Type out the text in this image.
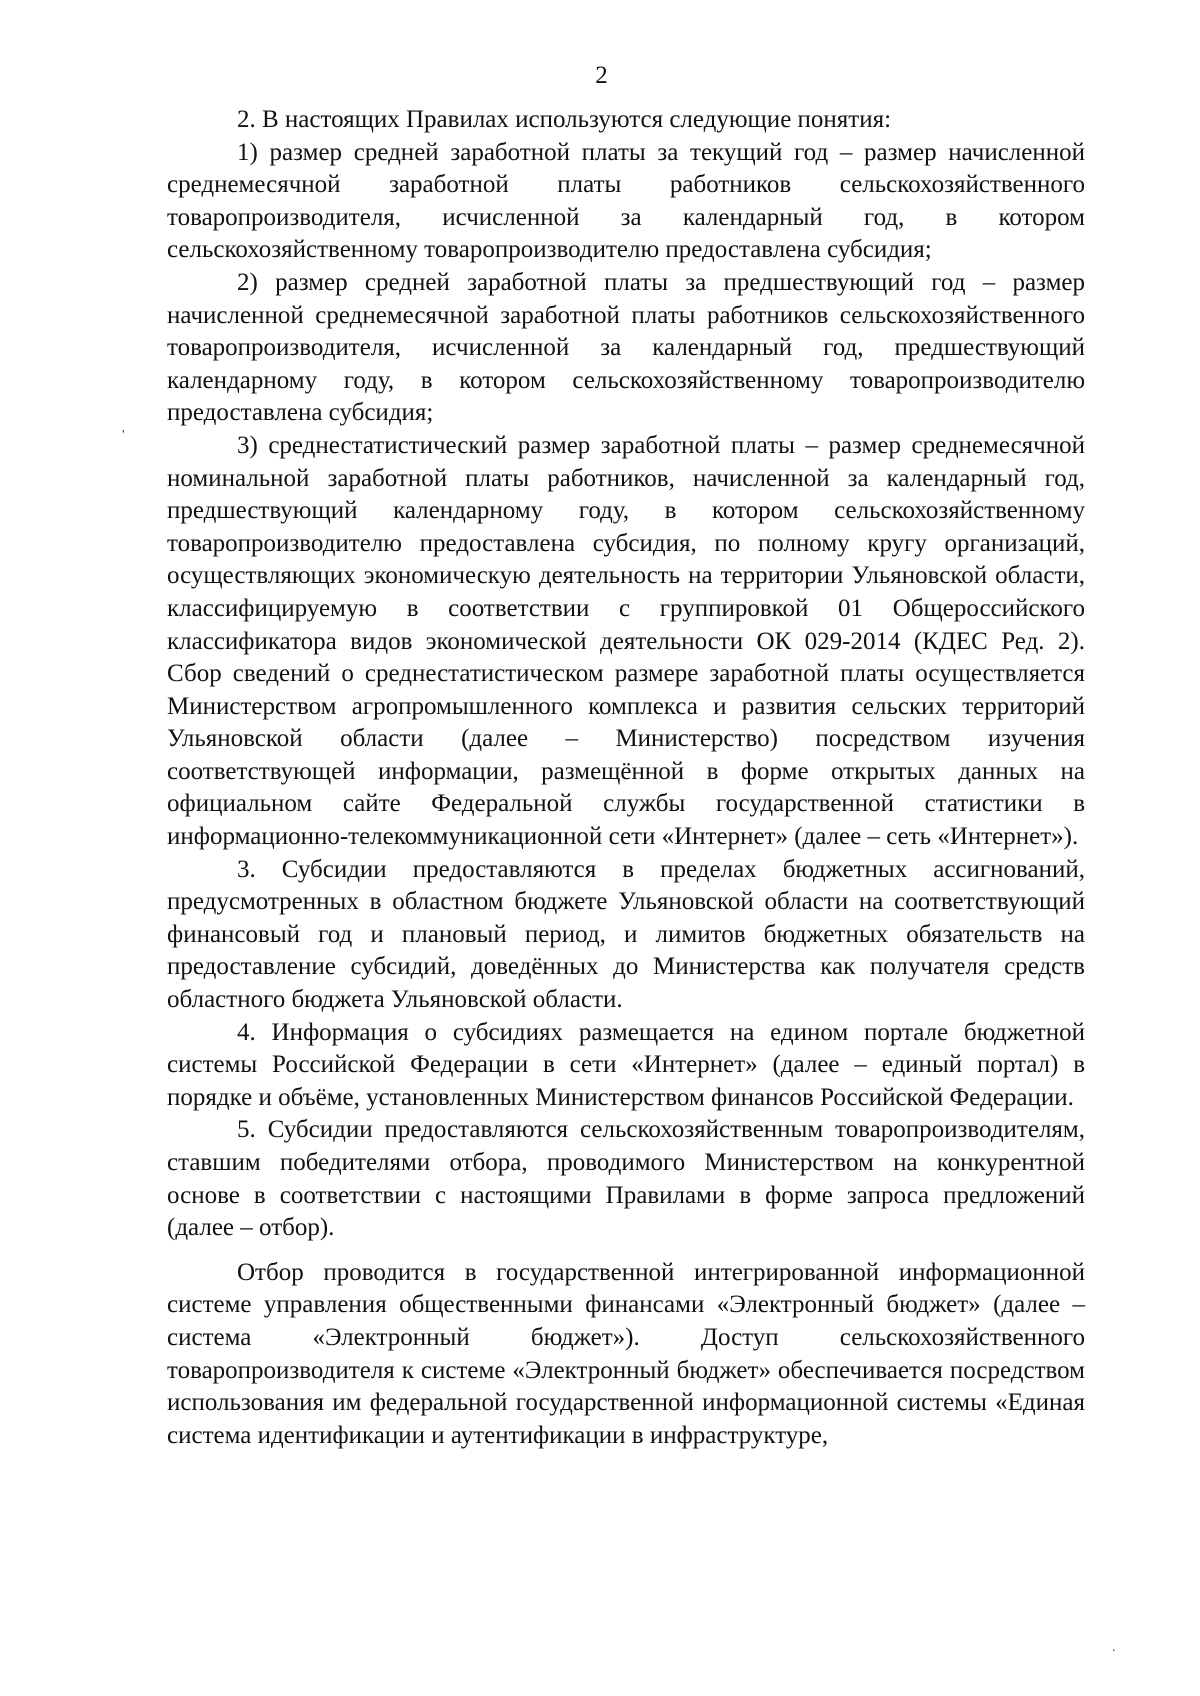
2

2. В настоящих Правилах используются следующие понятия:

1) размер средней заработной платы за текущий год – размер начисленной среднемесячной заработной платы работников сельскохозяйственного товаропроизводителя, исчисленной за календарный год, в котором сельскохозяйственному товаропроизводителю предоставлена субсидия;

2) размер средней заработной платы за предшествующий год – размер начисленной среднемесячной заработной платы работников сельскохозяйственного товаропроизводителя, исчисленной за календарный год, предшествующий календарному году, в котором сельскохозяйственному товаропроизводителю предоставлена субсидия;

3) среднестатистический размер заработной платы – размер среднемесячной номинальной заработной платы работников, начисленной за календарный год, предшествующий календарному году, в котором сельскохозяйственному товаропроизводителю предоставлена субсидия, по полному кругу организаций, осуществляющих экономическую деятельность на территории Ульяновской области, классифицируемую в соответствии с группировкой 01 Общероссийского классификатора видов экономической деятельности ОК 029-2014 (КДЕС Ред. 2). Сбор сведений о среднестатистическом размере заработной платы осуществляется Министерством агропромышленного комплекса и развития сельских территорий Ульяновской области (далее – Министерство) посредством изучения соответствующей информации, размещённой в форме открытых данных на официальном сайте Федеральной службы государственной статистики в информационно-телекоммуникационной сети «Интернет» (далее – сеть «Интернет»).

3. Субсидии предоставляются в пределах бюджетных ассигнований, предусмотренных в областном бюджете Ульяновской области на соответствующий финансовый год и плановый период, и лимитов бюджетных обязательств на предоставление субсидий, доведённых до Министерства как получателя средств областного бюджета Ульяновской области.

4. Информация о субсидиях размещается на едином портале бюджетной системы Российской Федерации в сети «Интернет» (далее – единый портал) в порядке и объёме, установленных Министерством финансов Российской Федерации.

5. Субсидии предоставляются сельскохозяйственным товаропроизводителям, ставшим победителями отбора, проводимого Министерством на конкурентной основе в соответствии с настоящими Правилами в форме запроса предложений (далее – отбор).

Отбор проводится в государственной интегрированной информационной системе управления общественными финансами «Электронный бюджет» (далее – система «Электронный бюджет»). Доступ сельскохозяйственного товаропроизводителя к системе «Электронный бюджет» обеспечивается посредством использования им федеральной государственной информационной системы «Единая система идентификации и аутентификации в инфраструктуре,

'
.
